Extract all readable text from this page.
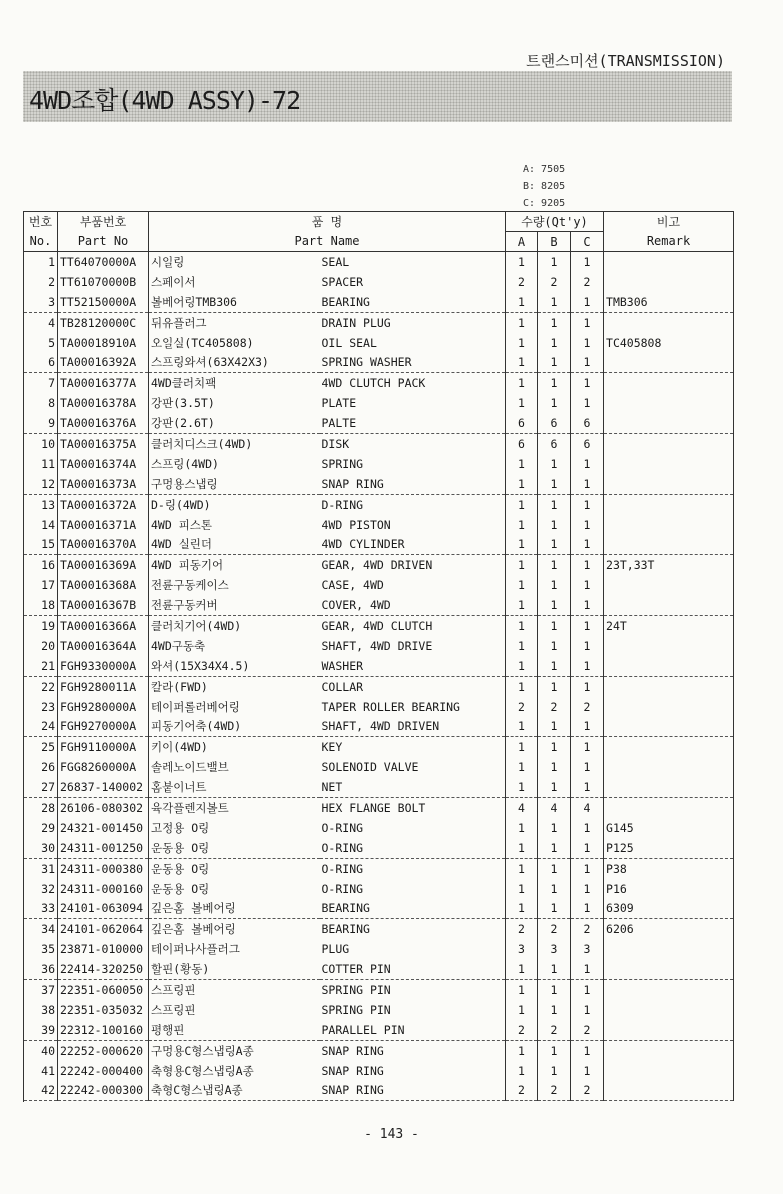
트랜스미션(TRANSMISSION)
4WD조합(4WD ASSY)-72
A: 7505
B: 8205
C: 9205
번호	부품번호	품 명		수량(Qt'y)			비고
No.	Part No	Part Name		A	B	C	Remark
1	TT64070000A	시일링	SEAL	1	1	1	
2	TT61070000B	스페이서	SPACER	2	2	2	
3	TT52150000A	볼베어링TMB306	BEARING	1	1	1	TMB306
4	TB28120000C	뒤유플러그	DRAIN PLUG	1	1	1	
5	TA00018910A	오일실(TC405808)	OIL SEAL	1	1	1	TC405808
6	TA00016392A	스프링와셔(63X42X3)	SPRING WASHER	1	1	1	
7	TA00016377A	4WD클러치팩	4WD CLUTCH PACK	1	1	1	
8	TA00016378A	강판(3.5T)	PLATE	1	1	1	
9	TA00016376A	강판(2.6T)	PALTE	6	6	6	
10	TA00016375A	클러치디스크(4WD)	DISK	6	6	6	
11	TA00016374A	스프링(4WD)	SPRING	1	1	1	
12	TA00016373A	구멍용스냅링	SNAP RING	1	1	1	
13	TA00016372A	D-링(4WD)	D-RING	1	1	1	
14	TA00016371A	4WD 피스톤	4WD PISTON	1	1	1	
15	TA00016370A	4WD 실린더	4WD CYLINDER	1	1	1	
16	TA00016369A	4WD 피동기어	GEAR, 4WD DRIVEN	1	1	1	23T,33T
17	TA00016368A	전륜구동케이스	CASE, 4WD	1	1	1	
18	TA00016367B	전륜구동커버	COVER, 4WD	1	1	1	
19	TA00016366A	클러치기어(4WD)	GEAR, 4WD CLUTCH	1	1	1	24T
20	TA00016364A	4WD구동축	SHAFT, 4WD DRIVE	1	1	1	
21	FGH9330000A	와셔(15X34X4.5)	WASHER	1	1	1	
22	FGH9280011A	칼라(FWD)	COLLAR	1	1	1	
23	FGH9280000A	테이퍼롤러베어링	TAPER ROLLER BEARING	2	2	2	
24	FGH9270000A	피동기어축(4WD)	SHAFT, 4WD DRIVEN	1	1	1	
25	FGH9110000A	키이(4WD)	KEY	1	1	1	
26	FGG8260000A	솔레노이드밸브	SOLENOID VALVE	1	1	1	
27	26837-140002	홈붙이너트	NET	1	1	1	
28	26106-080302	육각플렌지볼트	HEX FLANGE BOLT	4	4	4	
29	24321-001450	고정용 O링	O-RING	1	1	1	G145
30	24311-001250	운동용 O링	O-RING	1	1	1	P125
31	24311-000380	운동용 O링	O-RING	1	1	1	P38
32	24311-000160	운동용 O링	O-RING	1	1	1	P16
33	24101-063094	깊은홈 볼베어링	BEARING	1	1	1	6309
34	24101-062064	깊은홈 볼베어링	BEARING	2	2	2	6206
35	23871-010000	테이퍼나사플러그	PLUG	3	3	3	
36	22414-320250	할핀(황동)	COTTER PIN	1	1	1	
37	22351-060050	스프링핀	SPRING PIN	1	1	1	
38	22351-035032	스프링핀	SPRING PIN	1	1	1	
39	22312-100160	평행핀	PARALLEL PIN	2	2	2	
40	22252-000620	구멍용C형스냅링A종	SNAP RING	1	1	1	
41	22242-000400	축형용C형스냅링A종	SNAP RING	1	1	1	
42	22242-000300	축형C형스냅링A종	SNAP RING	2	2	2	
- 143 -
